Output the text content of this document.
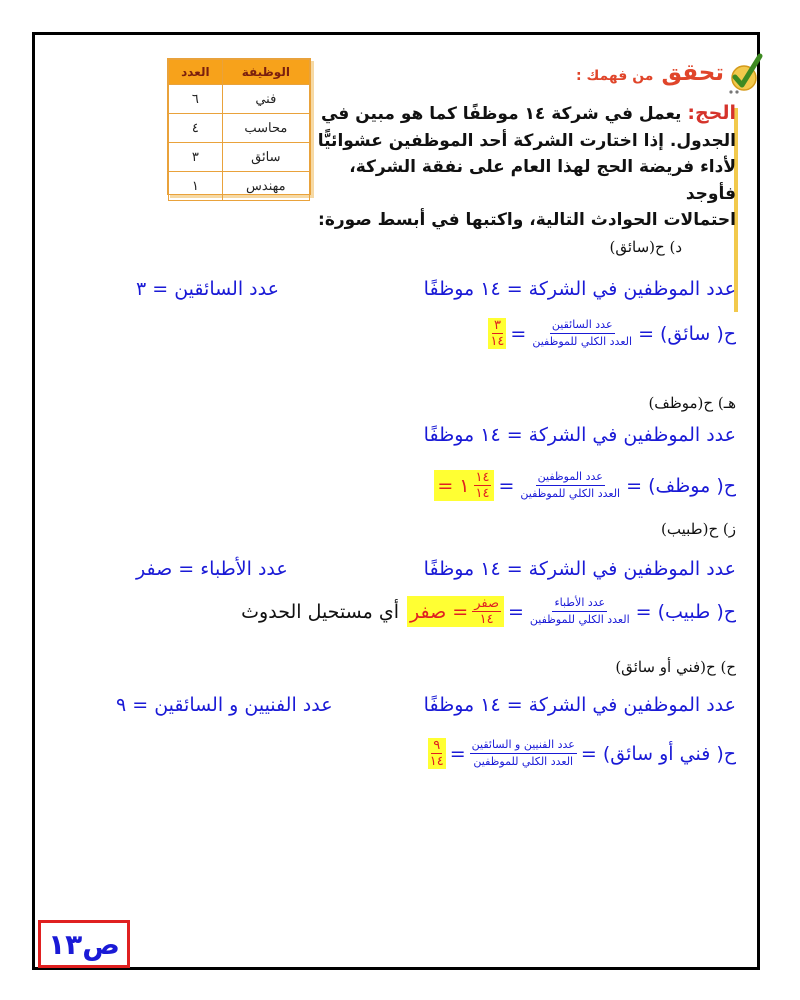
تحقق من فهمك :
الوظيفة	العدد
فني	٦
محاسب	٤
سائق	٣
مهندس	١
الحج: يعمل في شركة ١٤ موظفًا كما هو مبين في
الجدول. إذا اختارت الشركة أحد الموظفين عشوائيًّا
لأداء فريضة الحج لهذا العام على نفقة الشركة، فأوجد
احتمالات الحوادث التالية، واكتبها في أبسط صورة:
د) ح(سائق)
عدد الموظفين في الشركة = ١٤ موظفًا
عدد السائقين = ٣
ح( سائق) =
$\frac{\text{عدد السائقين}}{\text{العدد الكلي للموظفين}}$
=
$\frac{٣}{١٤}$
هـ) ح(موظف)
عدد الموظفين في الشركة = ١٤ موظفًا
ح( موظف) =
$\frac{\text{عدد الموظفين}}{\text{العدد الكلي للموظفين}}$
=
$\frac{١٤}{١٤}$
١ =
ز) ح(طبيب)
عدد الموظفين في الشركة = ١٤ موظفًا
عدد الأطباء = صفر
ح( طبيب) =
$\frac{\text{عدد الأطباء}}{\text{العدد الكلي للموظفين}}$
=
$\frac{\text{صفر}}{١٤}$
= صفر
أي مستحيل الحدوث
ح) ح(فني أو سائق)
عدد الموظفين في الشركة = ١٤ موظفًا
عدد الفنيين و السائقين = ٩
ح( فني أو سائق) =
$\frac{\text{عدد الفنيين و السائقين}}{\text{العدد الكلي للموظفين}}$
=
$\frac{٩}{١٤}$
ص١٣
